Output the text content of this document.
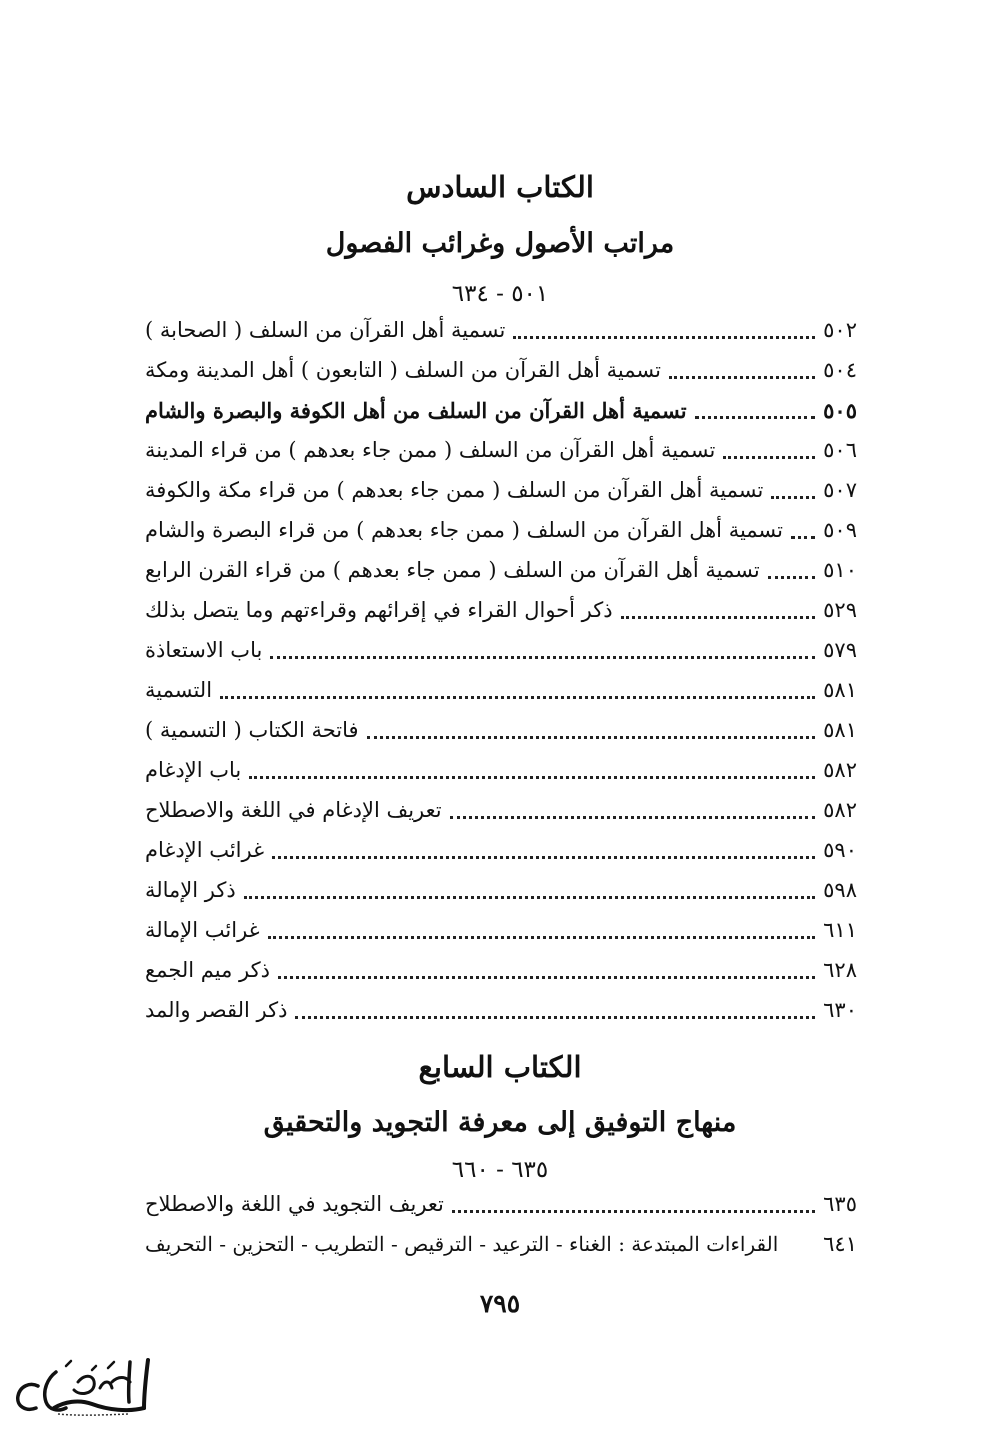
الكتاب السادس
مراتب الأصول وغرائب الفصول
٥٠١ - ٦٣٤
تسمية أهل القرآن من السلف ( الصحابة )	٥٠٢
تسمية أهل القرآن من السلف ( التابعون ) أهل المدينة ومكة	٥٠٤
تسمية أهل القرآن من السلف من أهل الكوفة والبصرة والشام	٥٠٥
تسمية أهل القرآن من السلف ( ممن جاء بعدهم ) من قراء المدينة	٥٠٦
تسمية أهل القرآن من السلف ( ممن جاء بعدهم ) من قراء مكة والكوفة	٥٠٧
تسمية أهل القرآن من السلف ( ممن جاء بعدهم ) من قراء البصرة والشام ٥٠٩
تسمية أهل القرآن من السلف ( ممن جاء بعدهم ) من قراء القرن الرابع	٥١٠
ذكر أحوال القراء في إقرائهم وقراءتهم وما يتصل بذلك	٥٢٩
باب الاستعاذة	٥٧٩
التسمية	٥٨١
فاتحة الكتاب ( التسمية )	٥٨١
باب الإدغام	٥٨٢
تعريف الإدغام في اللغة والاصطلاح	٥٨٢
غرائب الإدغام	٥٩٠
ذكر الإمالة	٥٩٨
غرائب الإمالة	٦١١
ذكر ميم الجمع	٦٢٨
ذكر القصر والمد	٦٣٠
الكتاب السابع
منهاج التوفيق إلى معرفة التجويد والتحقيق
٦٣٥ - ٦٦٠
تعريف التجويد في اللغة والاصطلاح	٦٣٥
القراءات المبتدعة : الغناء - الترعيد - الترقيص - التطريب - التحزين - التحريف ٦٤١
٧٩٥
